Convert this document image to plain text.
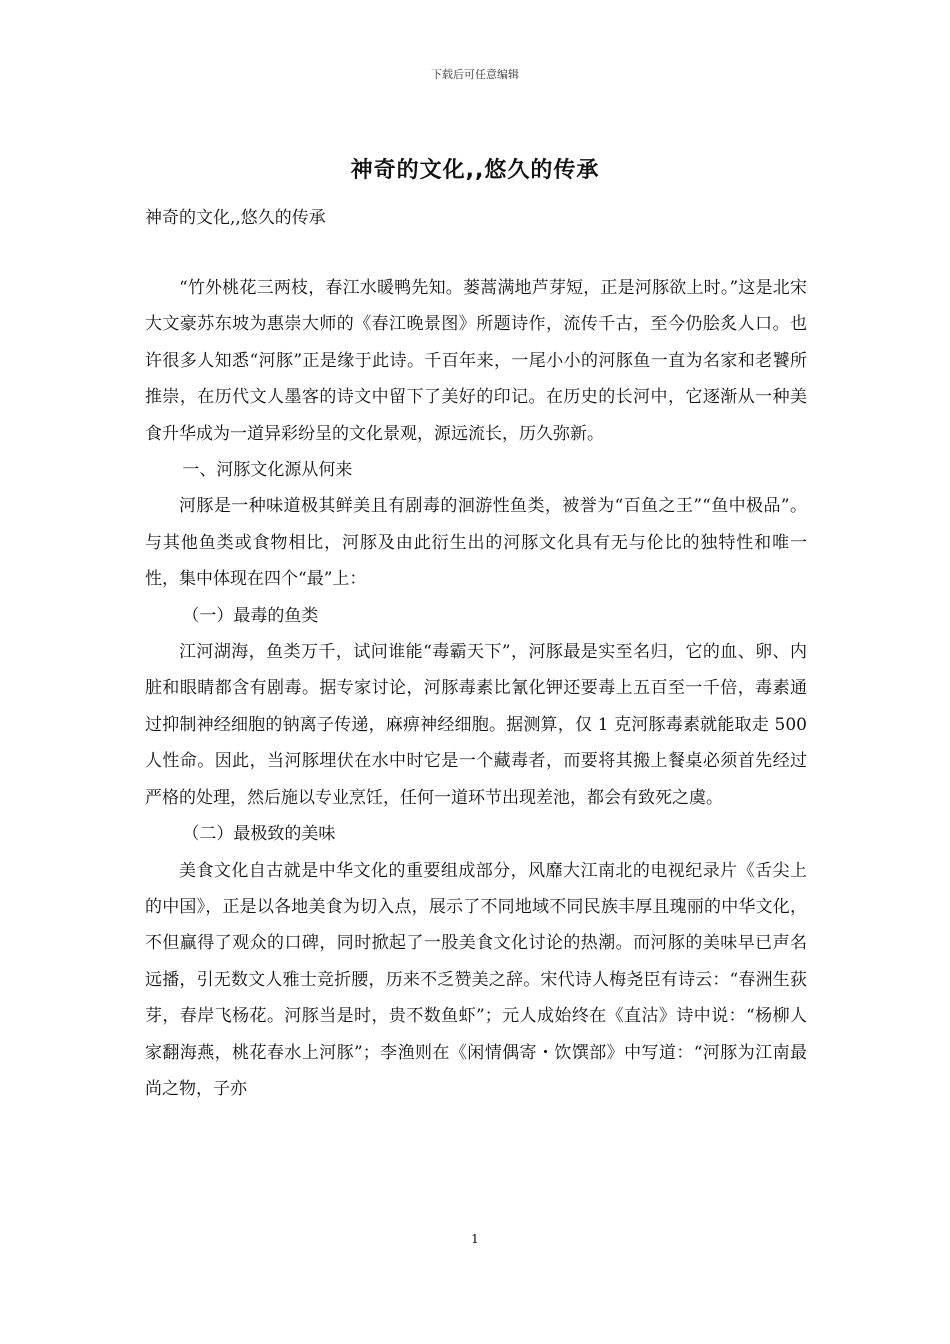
下载后可任意编辑
神奇的文化,,悠久的传承
神奇的文化,,悠久的传承

“竹外桃花三两枝，春江水暖鸭先知。蒌蒿满地芦芽短，正是河豚欲上时。”这是北宋大文豪苏东坡为惠崇大师的《春江晚景图》所题诗作，流传千古，至今仍脍炙人口。也许很多人知悉“河豚”正是缘于此诗。千百年来，一尾小小的河豚鱼一直为名家和老饕所推崇，在历代文人墨客的诗文中留下了美好的印记。在历史的长河中，它逐渐从一种美食升华成为一道异彩纷呈的文化景观，源远流长，历久弥新。

一、河豚文化源从何来

河豚是一种味道极其鲜美且有剧毒的洄游性鱼类，被誉为“百鱼之王”“鱼中极品”。与其他鱼类或食物相比，河豚及由此衍生出的河豚文化具有无与伦比的独特性和唯一性，集中体现在四个“最”上：

（一）最毒的鱼类

江河湖海，鱼类万千，试问谁能“毒霸天下”，河豚最是实至名归，它的血、卵、内脏和眼睛都含有剧毒。据专家讨论，河豚毒素比氰化钾还要毒上五百至一千倍，毒素通过抑制神经细胞的钠离子传递，麻痹神经细胞。据测算，仅 1 克河豚毒素就能取走 500 人性命。因此，当河豚埋伏在水中时它是一个藏毒者，而要将其搬上餐桌必须首先经过严格的处理，然后施以专业烹饪，任何一道环节出现差池，都会有致死之虞。

（二）最极致的美味

美食文化自古就是中华文化的重要组成部分，风靡大江南北的电视纪录片《舌尖上的中国》，正是以各地美食为切入点，展示了不同地域不同民族丰厚且瑰丽的中华文化，不但赢得了观众的口碑，同时掀起了一股美食文化讨论的热潮。而河豚的美味早已声名远播，引无数文人雅士竞折腰，历来不乏赞美之辞。宋代诗人梅尧臣有诗云：“春洲生荻芽，春岸飞杨花。河豚当是时，贵不数鱼虾”；元人成始终在《直沽》诗中说：“杨柳人家翻海燕，桃花春水上河豚”；李渔则在《闲情偶寄・饮馔部》中写道：“河豚为江南最尚之物，子亦

1
